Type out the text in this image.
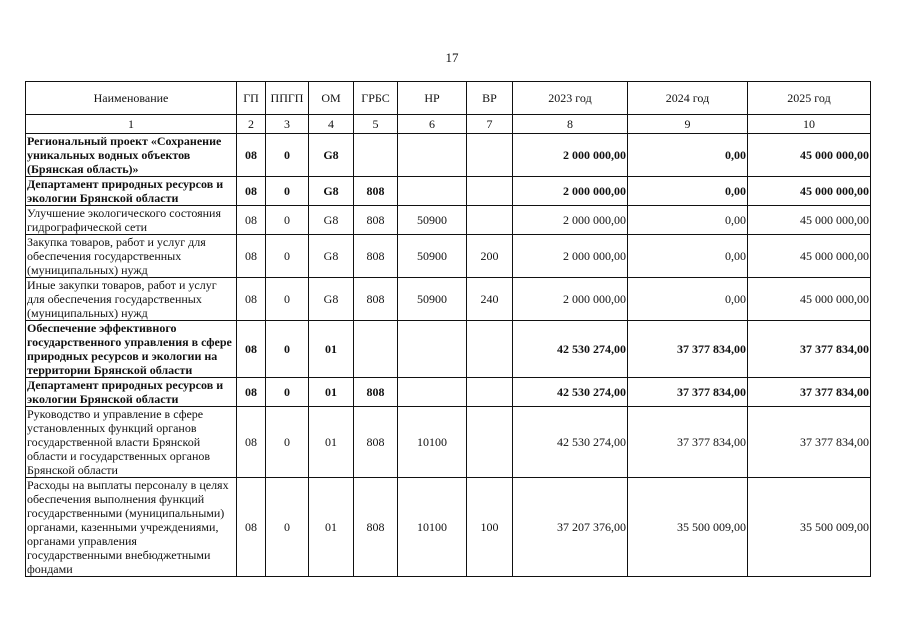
17
Наименование	ГП	ППГП	ОМ	ГРБС	НР	ВР	2023 год	2024 год	2025 год
1	2	3	4	5	6	7	8	9	10
Региональный проект «Сохранение уникальных водных объектов (Брянская область)»	08	0	G8				2 000 000,00	0,00	45 000 000,00
Департамент природных ресурсов и экологии Брянской области	08	0	G8	808			2 000 000,00	0,00	45 000 000,00
Улучшение экологического состояния гидрографической сети	08	0	G8	808	50900		2 000 000,00	0,00	45 000 000,00
Закупка товаров, работ и услуг для обеспечения государственных (муниципальных) нужд	08	0	G8	808	50900	200	2 000 000,00	0,00	45 000 000,00
Иные закупки товаров, работ и услуг для обеспечения государственных (муниципальных) нужд	08	0	G8	808	50900	240	2 000 000,00	0,00	45 000 000,00
Обеспечение эффективного государственного управления в сфере природных ресурсов и экологии на территории Брянской области	08	0	01				42 530 274,00	37 377 834,00	37 377 834,00
Департамент природных ресурсов и экологии Брянской области	08	0	01	808			42 530 274,00	37 377 834,00	37 377 834,00
Руководство и управление в сфере установленных функций органов государственной власти Брянской области и государственных органов Брянской области	08	0	01	808	10100		42 530 274,00	37 377 834,00	37 377 834,00
Расходы на выплаты персоналу в целях обеспечения выполнения функций государственными (муниципальными) органами, казенными учреждениями, органами управления государственными внебюджетными фондами	08	0	01	808	10100	100	37 207 376,00	35 500 009,00	35 500 009,00
